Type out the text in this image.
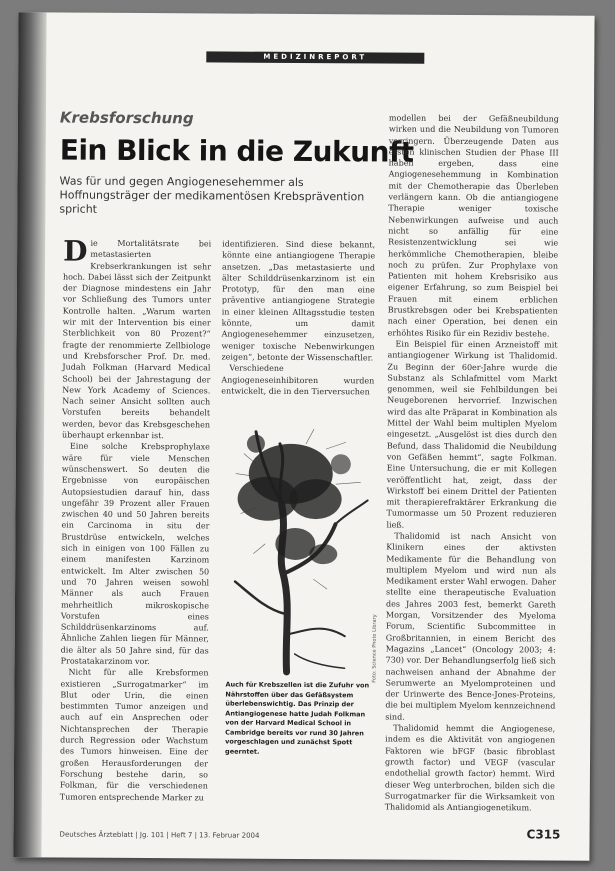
MEDIZINREPORT
Krebsforschung
Ein Blick in die Zukunft

Was für und gegen Angiogenesehemmer als Hoffnungsträger der medikamentösen Krebsprävention spricht

Die Mortalitätsrate bei metastasierten Krebserkrankungen ist sehr hoch. Dabei lässt sich der Zeitpunkt der Diagnose mindestens ein Jahr vor Schließung des Tumors unter Kontrolle halten. „Warum warten wir mit der Intervention bis einer Sterblichkeit von 80 Prozent?“ fragte der renommierte Zellbiologe und Krebsforscher Prof. Dr. med. Judah Folkman (Harvard Medical School) bei der Jahrestagung der New York Academy of Sciences. Nach seiner Ansicht sollten auch Vorstufen bereits behandelt werden, bevor das Krebsgeschehen überhaupt erkennbar ist.

Eine solche Krebsprophylaxe wäre für viele Menschen wünschenswert. So deuten die Ergebnisse von europäischen Autopsiestudien darauf hin, dass ungefähr 39 Prozent aller Frauen zwischen 40 und 50 Jahren bereits ein Carcinoma in situ der Brustdrüse entwickeln, welches sich in einigen von 100 Fällen zu einem manifesten Karzinom entwickelt. Im Alter zwischen 50 und 70 Jahren weisen sowohl Männer als auch Frauen mehrheitlich mikroskopische Vorstufen eines Schilddrüsenkarzinoms auf. Ähnliche Zahlen liegen für Männer, die älter als 50 Jahre sind, für das Prostatakarzinom vor.

Nicht für alle Krebsformen existieren „Surrogatmarker“ im Blut oder Urin, die einen bestimmten Tumor anzeigen und auch auf ein Ansprechen oder Nichtansprechen der Therapie durch Regression oder Wachstum des Tumors hinweisen. Eine der großen Herausforderungen der Forschung bestehe darin, so Folkman, für die verschiedenen Tumoren entsprechende Marker zu

identifizieren. Sind diese bekannt, könnte eine antiangiogene Therapie ansetzen. „Das metastasierte und älter Schilddrüsenkarzinom ist ein Prototyp, für den man eine präventive antiangiogene Strategie in einer kleinen Alltagsstudie testen könnte, um damit Angiogenesehemmer einzusetzen, weniger toxische Nebenwirkungen zeigen“, betonte der Wissenschaftler.

Verschiedene Angiogeneseinhibitoren wurden entwickelt, die in den Tierversuchen

Auch für Krebszellen ist die Zufuhr von Nährstoffen über das Gefäßsystem überlebenswichtig. Das Prinzip der Antiangiogenese hatte Judah Folkman von der Harvard Medical School in Cambridge bereits vor rund 30 Jahren vorgeschlagen und zunächst Spott geerntet.

Foto: Science Photo Library

modellen bei der Gefäßneubildung wirken und die Neubildung von Tumoren verringern. Überzeugende Daten aus ersten klinischen Studien der Phase III haben ergeben, dass eine Angiogenesehemmung in Kombination mit der Chemotherapie das Überleben verlängern kann. Ob die antiangiogene Therapie weniger toxische Nebenwirkungen aufweise und auch nicht so anfällig für eine Resistenzentwicklung sei wie herkömmliche Chemotherapien, bleibe noch zu prüfen. Zur Prophylaxe von Patienten mit hohem Krebsrisiko aus eigener Erfahrung, so zum Beispiel bei Frauen mit einem erblichen Brustkrebsgen oder bei Krebspatienten nach einer Operation, bei denen ein erhöhtes Risiko für ein Rezidiv bestehe.

Ein Beispiel für einen Arzneistoff mit antiangiogener Wirkung ist Thalidomid. Zu Beginn der 60er-Jahre wurde die Substanz als Schlafmittel vom Markt genommen, weil sie Fehlbildungen bei Neugeborenen hervorrief. Inzwischen wird das alte Präparat in Kombination als Mittel der Wahl beim multiplen Myelom eingesetzt. „Ausgelöst ist dies durch den Befund, dass Thalidomid die Neubildung von Gefäßen hemmt“, sagte Folkman. Eine Untersuchung, die er mit Kollegen veröffentlicht hat, zeigt, dass der Wirkstoff bei einem Drittel der Patienten mit therapierefraktärer Erkrankung die Tumormasse um 50 Prozent reduzieren ließ.

Thalidomid ist nach Ansicht von Klinikern eines der aktivsten Medikamente für die Behandlung von multiplem Myelom und wird nun als Medikament erster Wahl erwogen. Daher stellte eine therapeutische Evaluation des Jahres 2003 fest, bemerkt Gareth Morgan, Vorsitzender des Myeloma Forum, Scientific Subcommittee in Großbritannien, in einem Bericht des Magazins „Lancet“ (Oncology 2003; 4: 730) vor. Der Behandlungserfolg ließ sich nachweisen anhand der Abnahme der Serumwerte an Myelomproteinen und der Urinwerte des Bence-Jones-Proteins, die bei multiplem Myelom kennzeichnend sind.

Thalidomid hemmt die Angiogenese, indem es die Aktivität von angiogenen Faktoren wie bFGF (basic fibroblast growth factor) und VEGF (vascular endothelial growth factor) hemmt. Wird dieser Weg unterbrochen, bilden sich die Surrogatmarker für die Wirksamkeit von Thalidomid als Antiangiogenetikum.

Deutsches Ärzteblatt | Jg. 101 | Heft 7 | 13. Februar 2004	C315
